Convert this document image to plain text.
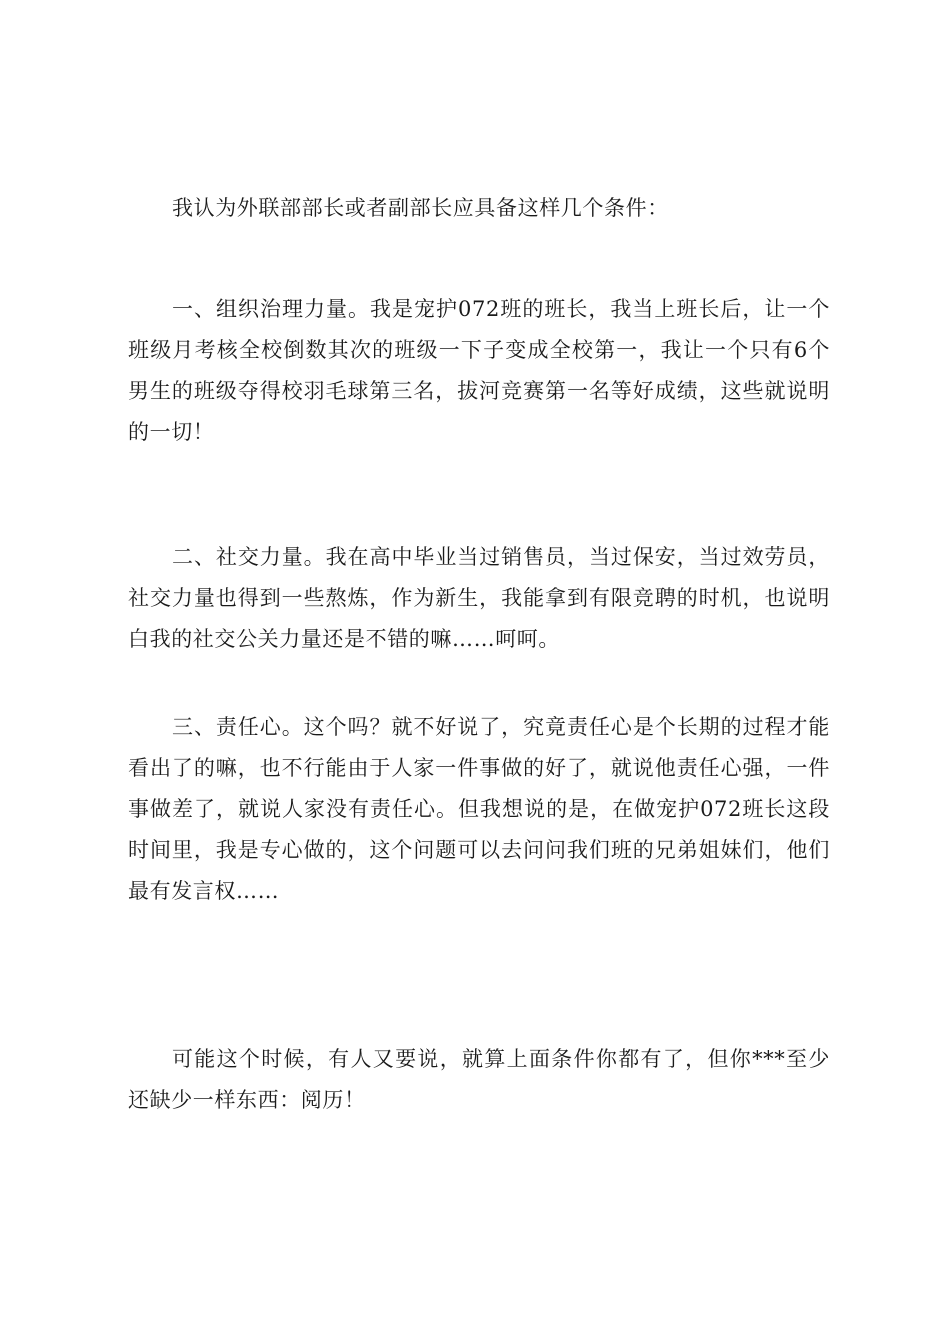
我认为外联部部长或者副部长应具备这样几个条件：

一、组织治理力量。我是宠护072班的班长，我当上班长后，让一个班级月考核全校倒数其次的班级一下子变成全校第一，我让一个只有6个男生的班级夺得校羽毛球第三名，拔河竞赛第一名等好成绩，这些就说明的一切！

二、社交力量。我在高中毕业当过销售员，当过保安，当过效劳员，社交力量也得到一些熬炼，作为新生，我能拿到有限竞聘的时机，也说明白我的社交公关力量还是不错的嘛……呵呵。

三、责任心。这个吗？就不好说了，究竟责任心是个长期的过程才能看出了的嘛，也不行能由于人家一件事做的好了，就说他责任心强，一件事做差了，就说人家没有责任心。但我想说的是，在做宠护072班长这段时间里，我是专心做的，这个问题可以去问问我们班的兄弟姐妹们，他们最有发言权……

可能这个时候，有人又要说，就算上面条件你都有了，但你***至少还缺少一样东西：阅历！
